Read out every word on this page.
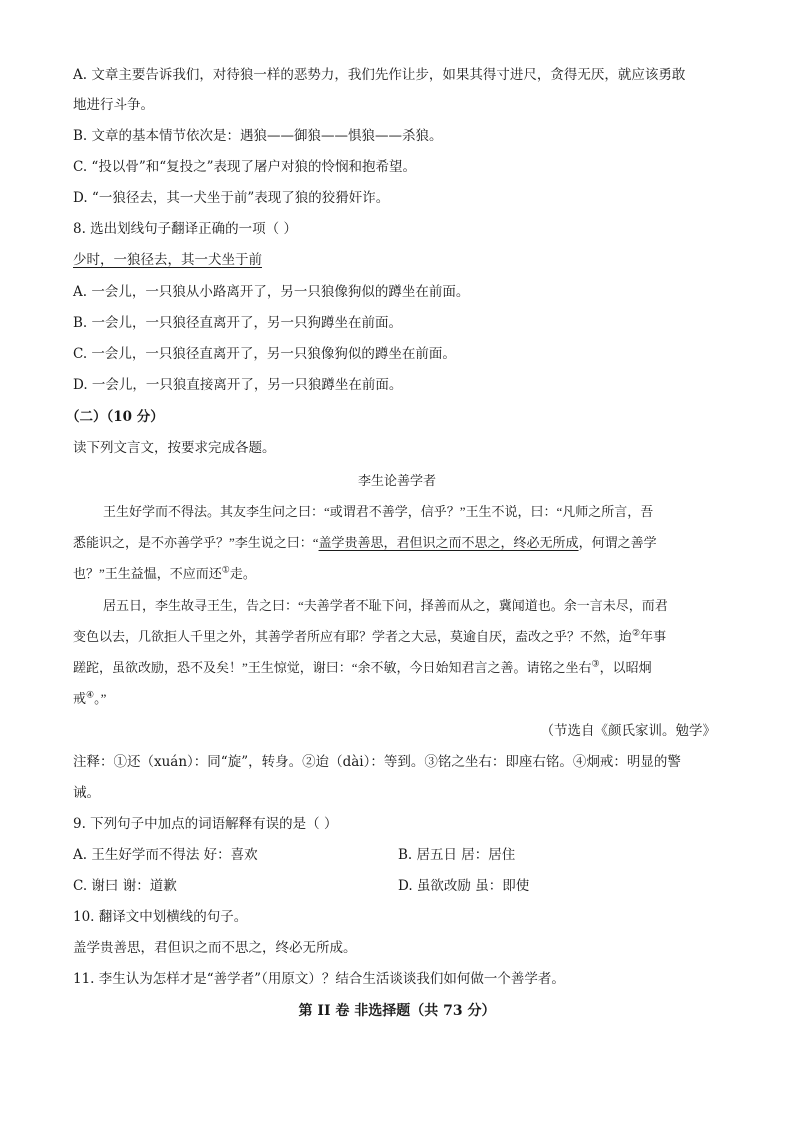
A. 文章主要告诉我们，对待狼一样的恶势力，我们先作让步，如果其得寸进尺，贪得无厌，就应该勇敢
地进行斗争。
B. 文章的基本情节依次是：遇狼——御狼——惧狼——杀狼。
C. “投以骨”和“复投之”表现了屠户对狼的怜悯和抱希望。
D. “一狼径去，其一犬坐于前”表现了狼的狡猾奸诈。
8. 选出划线句子翻译正确的一项（ ）
少时，一狼径去，其一犬坐于前
A. 一会儿，一只狼从小路离开了，另一只狼像狗似的蹲坐在前面。
B. 一会儿，一只狼径直离开了，另一只狗蹲坐在前面。
C. 一会儿，一只狼径直离开了，另一只狼像狗似的蹲坐在前面。
D. 一会儿，一只狼直接离开了，另一只狼蹲坐在前面。
（二）（10 分）
读下列文言文，按要求完成各题。
李生论善学者
王生好学而不得法。其友李生问之曰：“或谓君不善学，信乎？”王生不说，曰：“凡师之所言，吾
悉能识之，是不亦善学乎？”李生说之曰：“盖学贵善思，君但识之而不思之，终必无所成，何谓之善学
也？”王生益愠，不应而还①走。
居五日，李生故寻王生，告之曰：“夫善学者不耻下问，择善而从之，冀闻道也。余一言未尽，而君
变色以去，几欲拒人千里之外，其善学者所应有耶？学者之大忌，莫逾自厌，盍改之乎？不然，迨②年事
蹉跎，虽欲改励，恐不及矣！”王生惊觉，谢曰：“余不敏，今日始知君言之善。请铭之坐右③，以昭炯
戒④。”
（节选自《颜氏家训。勉学》
注释：①还（xuán）：同“旋”，转身。②迨（dài）：等到。③铭之坐右：即座右铭。④炯戒：明显的警
诫。
9. 下列句子中加点的词语解释有误的是（ ）
A. 王生好学而不得法 好：喜欢	B. 居五日 居：居住
C. 谢曰 谢：道歉	D. 虽欲改励 虽：即使
10. 翻译文中划横线的句子。
盖学贵善思，君但识之而不思之，终必无所成。
11. 李生认为怎样才是“善学者”（用原文）？结合生活谈谈我们如何做一个善学者。
第 II 卷 非选择题（共 73 分）
